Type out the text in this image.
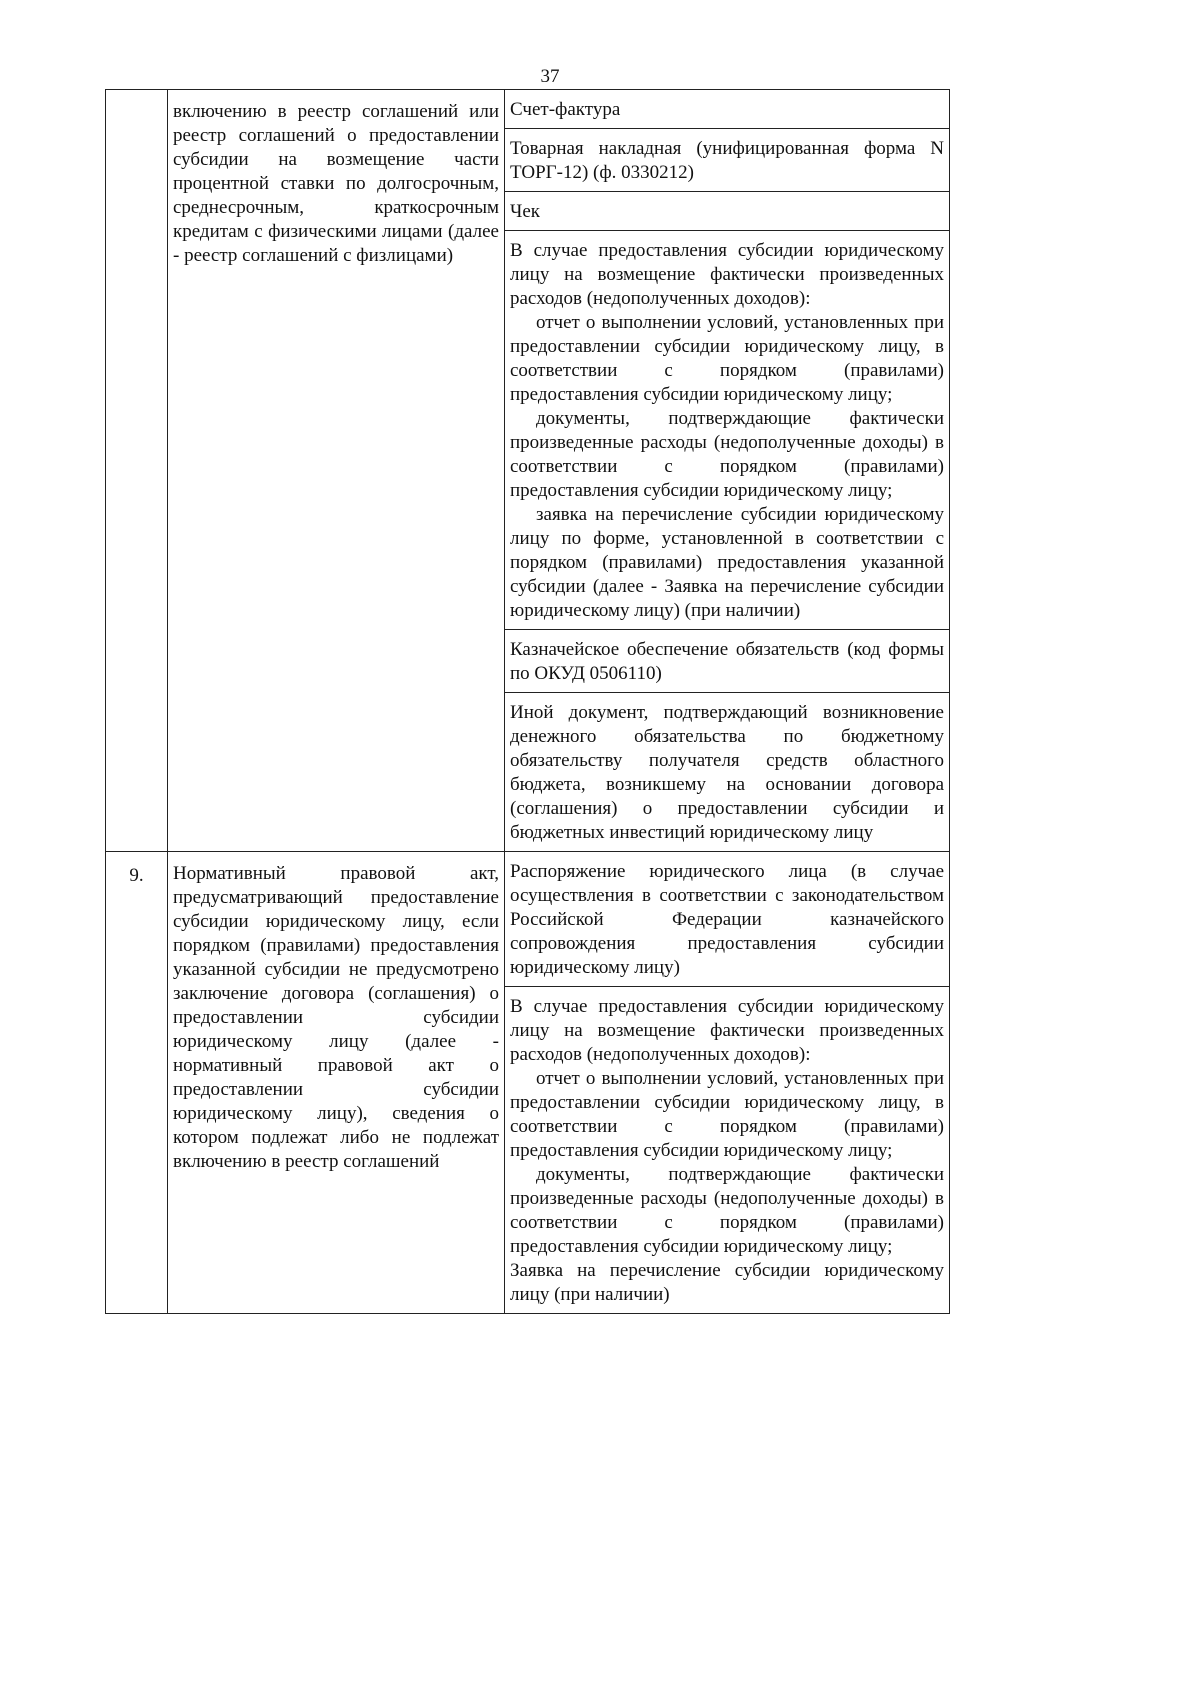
37
	включению в реестр соглашений или реестр соглашений о предоставлении субсидии на возмещение части процентной ставки по долгосрочным, среднесрочным, краткосрочным кредитам с физическими лицами (далее - реестр соглашений с физлицами)	Счет-фактура

		Товарная накладная (унифицированная форма N ТОРГ-12) (ф. 0330212)

		Чек

		В случае предоставления субсидии юридическому лицу на возмещение фактически произведенных расходов (недополученных доходов):

отчет о выполнении условий, установленных при предоставлении субсидии юридическому лицу, в соответствии с порядком (правилами) предоставления субсидии юридическому лицу;

документы, подтверждающие фактически произведенные расходы (недополученные доходы) в соответствии с порядком (правилами) предоставления субсидии юридическому лицу;

заявка на перечисление субсидии юридическому лицу по форме, установленной в соответствии с порядком (правилами) предоставления указанной субсидии (далее - Заявка на перечисление субсидии юридическому лицу) (при наличии)

		Казначейское обеспечение обязательств (код формы по ОКУД 0506110)

		Иной документ, подтверждающий возникновение денежного обязательства по бюджетному обязательству получателя средств областного бюджета, возникшему на основании договора (соглашения) о предоставлении субсидии и бюджетных инвестиций юридическому лицу

9.	Нормативный правовой акт, предусматривающий предоставление субсидии юридическому лицу, если порядком (правилами) предоставления указанной субсидии не предусмотрено заключение договора (соглашения) о предоставлении субсидии юридическому лицу (далее - нормативный правовой акт о предоставлении субсидии юридическому лицу), сведения о котором подлежат либо не подлежат включению в реестр соглашений	Распоряжение юридического лица (в случае осуществления в соответствии с законодательством Российской Федерации казначейского сопровождения предоставления субсидии юридическому лицу)

		В случае предоставления субсидии юридическому лицу на возмещение фактически произведенных расходов (недополученных доходов):

отчет о выполнении условий, установленных при предоставлении субсидии юридическому лицу, в соответствии с порядком (правилами) предоставления субсидии юридическому лицу;

документы, подтверждающие фактически произведенные расходы (недополученные доходы) в соответствии с порядком (правилами) предоставления субсидии юридическому лицу;

Заявка на перечисление субсидии юридическому лицу (при наличии)
